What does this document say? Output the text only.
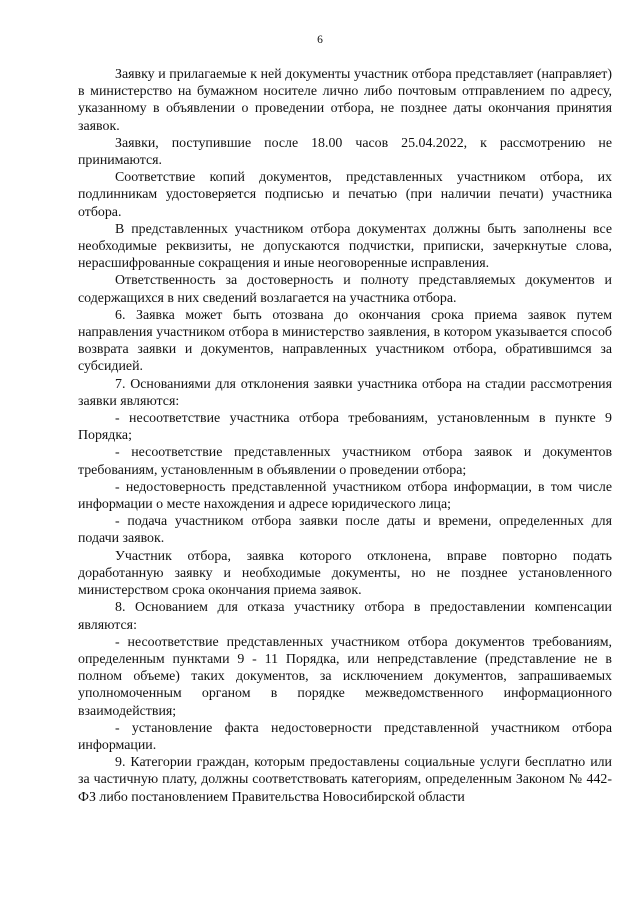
6

Заявку и прилагаемые к ней документы участник отбора представляет (направляет) в министерство на бумажном носителе лично либо почтовым отправлением по адресу, указанному в объявлении о проведении отбора, не позднее даты окончания принятия заявок.

Заявки, поступившие после 18.00 часов 25.04.2022, к рассмотрению не принимаются.

Соответствие копий документов, представленных участником отбора, их подлинникам удостоверяется подписью и печатью (при наличии печати) участника отбора.

В представленных участником отбора документах должны быть заполнены все необходимые реквизиты, не допускаются подчистки, приписки, зачеркнутые слова, нерасшифрованные сокращения и иные неоговоренные исправления.

Ответственность за достоверность и полноту представляемых документов и содержащихся в них сведений возлагается на участника отбора.

6. Заявка может быть отозвана до окончания срока приема заявок путем направления участником отбора в министерство заявления, в котором указывается способ возврата заявки и документов, направленных участником отбора, обратившимся за субсидией.

7. Основаниями для отклонения заявки участника отбора на стадии рассмотрения заявки являются:

- несоответствие участника отбора требованиям, установленным в пункте 9 Порядка;

- несоответствие представленных участником отбора заявок и документов требованиям, установленным в объявлении о проведении отбора;

- недостоверность представленной участником отбора информации, в том числе информации о месте нахождения и адресе юридического лица;

- подача участником отбора заявки после даты и времени, определенных для подачи заявок.

Участник отбора, заявка которого отклонена, вправе повторно подать доработанную заявку и необходимые документы, но не позднее установленного министерством срока окончания приема заявок.

8. Основанием для отказа участнику отбора в предоставлении компенсации являются:

- несоответствие представленных участником отбора документов требованиям, определенным пунктами 9 - 11 Порядка, или непредставление (представление не в полном объеме) таких документов, за исключением документов, запрашиваемых уполномоченным органом в порядке межведомственного информационного взаимодействия;

- установление факта недостоверности представленной участником отбора информации.

9. Категории граждан, которым предоставлены социальные услуги бесплатно или за частичную плату, должны соответствовать категориям, определенным Законом № 442-ФЗ либо постановлением Правительства Новосибирской области
